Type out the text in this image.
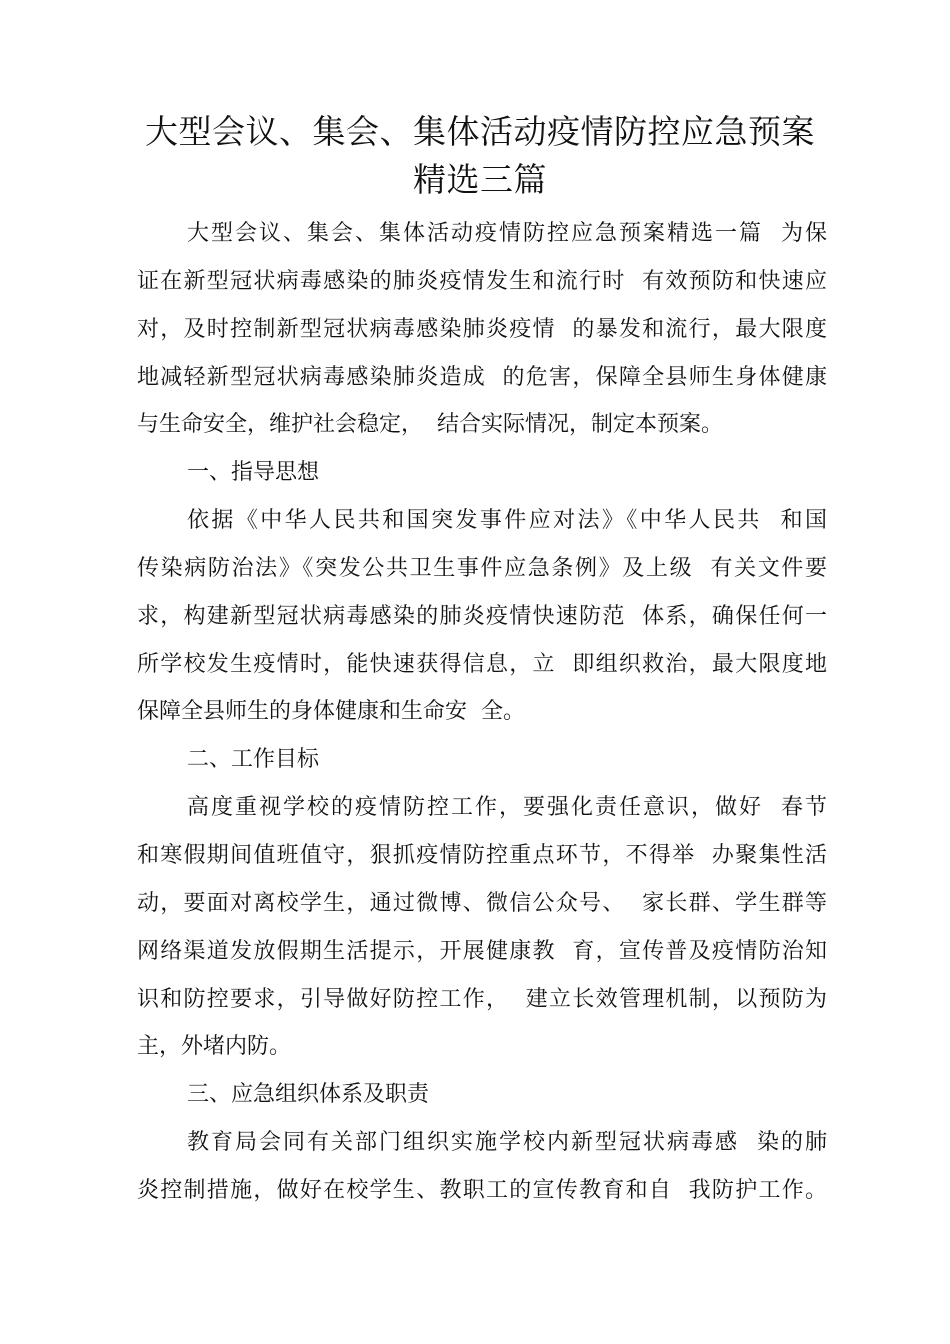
大型会议、集会、集体活动疫情防控应急预案
精选三篇
大型会议、集会、集体活动疫情防控应急预案精选一篇  为保
证在新型冠状病毒感染的肺炎疫情发生和流行时  有效预防和快速应
对，及时控制新型冠状病毒感染肺炎疫情  的暴发和流行，最大限度
地减轻新型冠状病毒感染肺炎造成  的危害，保障全县师生身体健康
与生命安全，维护社会稳定，  结合实际情况，制定本预案。
一、指导思想
依据《中华人民共和国突发事件应对法》《中华人民共  和国
传染病防治法》《突发公共卫生事件应急条例》及上级  有关文件要
求，构建新型冠状病毒感染的肺炎疫情快速防范  体系，确保任何一
所学校发生疫情时，能快速获得信息，立  即组织救治，最大限度地
保障全县师生的身体健康和生命安  全。
二、工作目标
高度重视学校的疫情防控工作，要强化责任意识，做好  春节
和寒假期间值班值守，狠抓疫情防控重点环节，不得举  办聚集性活
动，要面对离校学生，通过微博、微信公众号、  家长群、学生群等
网络渠道发放假期生活提示，开展健康教  育，宣传普及疫情防治知
识和防控要求，引导做好防控工作，  建立长效管理机制，以预防为
主，外堵内防。
三、应急组织体系及职责
教育局会同有关部门组织实施学校内新型冠状病毒感  染的肺
炎控制措施，做好在校学生、教职工的宣传教育和自  我防护工作。
